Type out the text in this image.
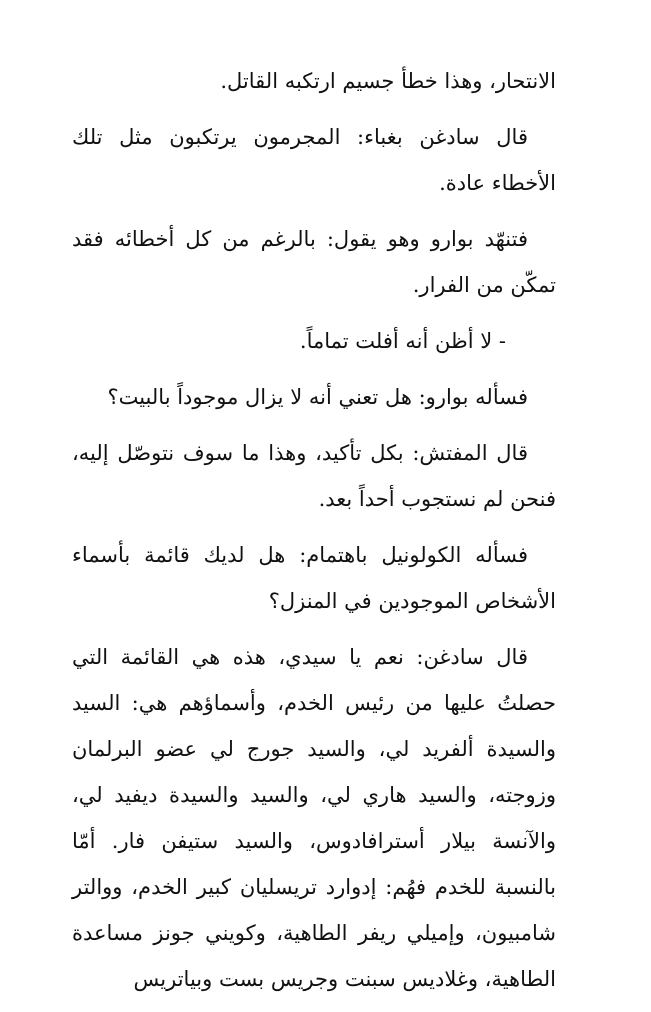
الانتحار، وهذا خطأ جسيم ارتكبه القاتل.

قال سادغن بغباء: المجرمون يرتكبون مثل تلك الأخطاء عادة.

فتنهّد بوارو وهو يقول: بالرغم من كل أخطائه فقد تمكّن من الفرار.

- لا أظن أنه أفلت تماماً.

فسأله بوارو: هل تعني أنه لا يزال موجوداً بالبيت؟

قال المفتش: بكل تأكيد، وهذا ما سوف نتوصّل إليه، فنحن لم نستجوب أحداً بعد.

فسأله الكولونيل باهتمام: هل لديك قائمة بأسماء الأشخاص الموجودين في المنزل؟

قال سادغن: نعم يا سيدي، هذه هي القائمة التي حصلتُ عليها من رئيس الخدم، وأسماؤهم هي: السيد والسيدة ألفريد لي، والسيد جورج لي عضو البرلمان وزوجته، والسيد هاري لي، والسيد والسيدة ديفيد لي، والآنسة بيلار أسترافادوس، والسيد ستيفن فار. أمّا بالنسبة للخدم فهُم: إدوارد تريسليان كبير الخدم، ووالتر شامبيون، وإميلي ريفر الطاهية، وكويني جونز مساعدة الطاهية، وغلاديس سبنت وجريس بست وبياتريس
